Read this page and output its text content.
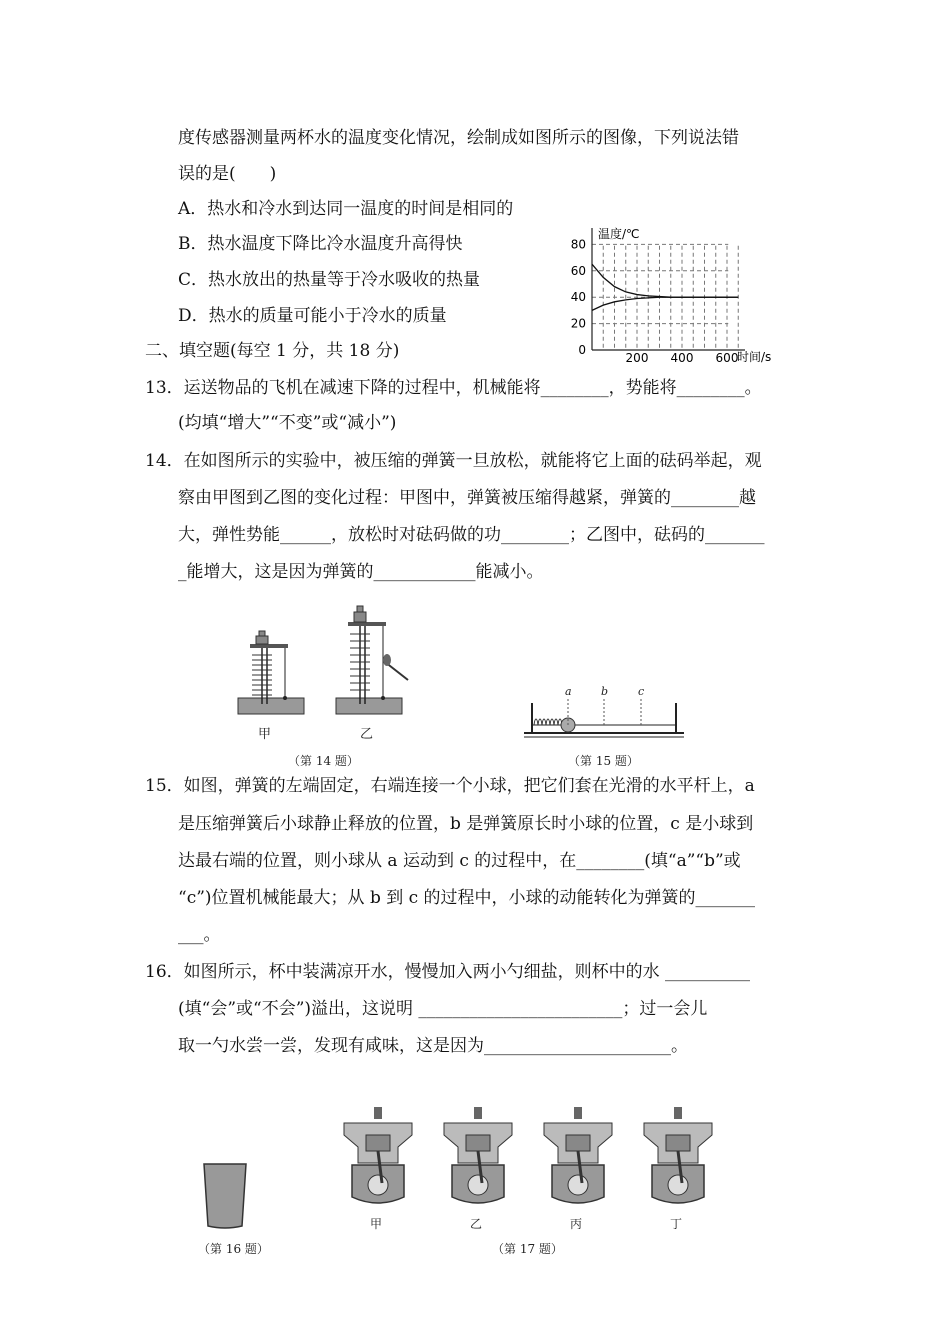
度传感器测量两杯水的温度变化情况，绘制成如图所示的图像，下列说法错
误的是(　　)
A．热水和冷水到达同一温度的时间是相同的
B．热水温度下降比冷水温度升高得快
C．热水放出的热量等于冷水吸收的热量
D．热水的质量可能小于冷水的质量
温度/℃
时间/s
0
20
40
60
80
200 400 600
二、填空题(每空 1 分，共 18 分)
13．运送物品的飞机在减速下降的过程中，机械能将________，势能将________。
(均填“增大”“不变”或“减小”)
14．在如图所示的实验中，被压缩的弹簧一旦放松，就能将它上面的砝码举起，观
察由甲图到乙图的变化过程：甲图中，弹簧被压缩得越紧，弹簧的________越
大，弹性势能______，放松时对砝码做的功________；乙图中，砝码的_______
_能增大，这是因为弹簧的____________能减小。
甲	乙
（第 14 题）
a	b	c
（第 15 题）
15．如图，弹簧的左端固定，右端连接一个小球，把它们套在光滑的水平杆上，a
是压缩弹簧后小球静止释放的位置，b 是弹簧原长时小球的位置，c 是小球到
达最右端的位置，则小球从 a 运动到 c 的过程中，在________(填“a”“b”或
“c”)位置机械能最大；从 b 到 c 的过程中，小球的动能转化为弹簧的_______
___。
16．如图所示，杯中装满凉开水，慢慢加入两小勺细盐，则杯中的水 __________
(填“会”或“不会”)溢出，这说明 ________________________；过一会儿
取一勺水尝一尝，发现有咸味，这是因为______________________。
（第 16 题）
甲	乙	丙	丁
（第 17 题）
